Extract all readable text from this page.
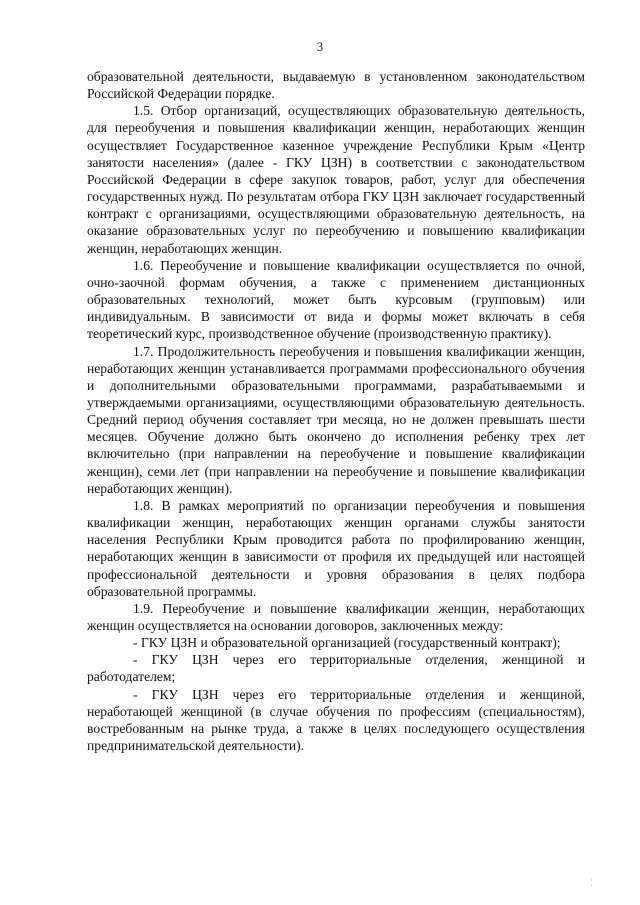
3

образовательной деятельности, выдаваемую в установленном законодательством Российской Федерации порядке.

1.5. Отбор организаций, осуществляющих образовательную деятельность, для переобучения и повышения квалификации женщин, неработающих женщин осуществляет Государственное казенное учреждение Республики Крым «Центр занятости населения» (далее - ГКУ ЦЗН) в соответствии с законодательством Российской Федерации в сфере закупок товаров, работ, услуг для обеспечения государственных нужд. По результатам отбора ГКУ ЦЗН заключает государственный контракт с организациями, осуществляющими образовательную деятельность, на оказание образовательных услуг по переобучению и повышению квалификации женщин, неработающих женщин.

1.6. Переобучение и повышение квалификации осуществляется по очной, очно-заочной формам обучения, а также с применением дистанционных образовательных технологий, может быть курсовым (групповым) или индивидуальным. В зависимости от вида и формы может включать в себя теоретический курс, производственное обучение (производственную практику).

1.7. Продолжительность переобучения и повышения квалификации женщин, неработающих женщин устанавливается программами профессионального обучения и дополнительными образовательными программами, разрабатываемыми и утверждаемыми организациями, осуществляющими образовательную деятельность. Средний период обучения составляет три месяца, но не должен превышать шести месяцев. Обучение должно быть окончено до исполнения ребенку трех лет включительно (при направлении на переобучение и повышение квалификации женщин), семи лет (при направлении на переобучение и повышение квалификации неработающих женщин).

1.8. В рамках мероприятий по организации переобучения и повышения квалификации женщин, неработающих женщин органами службы занятости населения Республики Крым проводится работа по профилированию женщин, неработающих женщин в зависимости от профиля их предыдущей или настоящей профессиональной деятельности и уровня образования в целях подбора образовательной программы.

1.9. Переобучение и повышение квалификации женщин, неработающих женщин осуществляется на основании договоров, заключенных между:

- ГКУ ЦЗН и образовательной организацией (государственный контракт);

- ГКУ ЦЗН через его территориальные отделения, женщиной и работодателем;

- ГКУ ЦЗН через его территориальные отделения и женщиной, неработающей женщиной (в случае обучения по профессиям (специальностям), востребованным на рынке труда, а также в целях последующего осуществления предпринимательской деятельности).

⁚
